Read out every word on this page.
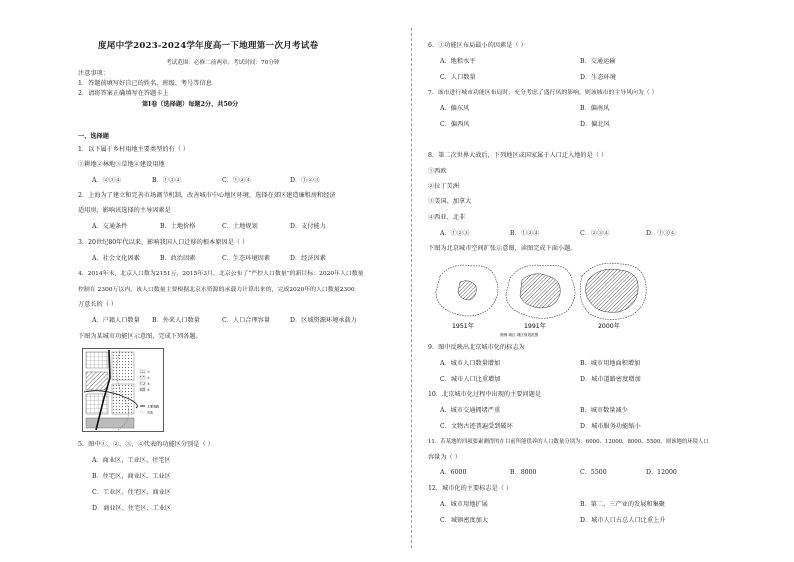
度尾中学2023-2024学年度高一下地理第一次月考试卷
考试范围：必修二前两章；考试时间：70分钟
注意事项：
1．答题前填写好自己的姓名、班级、考号等信息
2．请将答案正确填写在答题卡上
第Ⅰ卷（选择题）每题2分，共50分
一、选择题
1．以下属于乡村用地主要类型的有（ ）
①耕地②林地③草地④建设用地
A．②③④	B．①③④	C．①②④	D．①②③
2．上海为了建立和完善市场调节机制，改善城市中心地区环境，选择在郊区建造廉租房和经济
适用房，影响该选择的主导因素是
A．交通条件	B．土地价格	C．土地规划	D．支付能力
3．20世纪80年代以来，影响我国人口迁移的根本原因是（ ）
A．社会文化因素	B．政治因素	C．生态环境因素	D．经济因素
4．2014年末，北京人口数为2151万，2015年3月，北京公布了“严控人口数量”的新目标：2020年人口数量
控制在 2300万以内，该人口数量主要根据北京水资源的承载力计算出来的，完成2020年的人口数量2300
万意长的（ ）
A．户籍人口数量 B．外来人口数量	C．人口合理容量	D．区域资源环境承载力
下图为某城市功能区示意图，完成下列各题。
①
②
③
④
主要道路
河流
5．图中①、②、③、④代表的功能区分别是（ ）
A．商业区、工业区、住宅区
B．住宅区、商业区、工业区
C．工业区、住宅区、商业区
D．商业区、住宅区、工业区
6．①功能区布局最小的因素是（ ）
A．地租水平	B．交通运输
C．人口数量	D．生态环境
7．该市进行城市功能区布局时，充分考虑了盛行风的影响，则该城市的主导风向为（ ）
A．偏东风	B．偏南风
C．偏西风	D．偏北风
8．第二次世界大战后，下列地区或国家属于人口迁入地的是（ ）
①西欧
②拉丁美洲
③美国、加拿大
④西亚、北非
A．①②③	B．①②④	C．②③④	D．①③④
下图为北京城市空间扩张示意图，读图完成下面小题。
1951年	1991年	2000年
图例 城区 城区规划范围
9．图中反映出北京城市化的标志为
A．城市人口数量增加	B．城市用地面积增加
C．城市人口比重增加	D．城市道路密度增加
10．北京城市化过程中出现的主要问题是
A．城市交通拥堵严重	B．城市数量减少
C．文物古迹普遍受到破坏	D．城市服务功能缩小
11．若某地的四项要素测得的在目前所能供养的人口数量分别为：6000、12000、8000、5500，则该地的环境人口
容量为（ ）
A．6000	B．8000	C．5500	D．12000
12．城市化的主要标志是（ ）
A．城市用地扩展	B．第二、三产业的发展和集聚
C．城镇密度加大	D．城市人口占总人口比重上升
